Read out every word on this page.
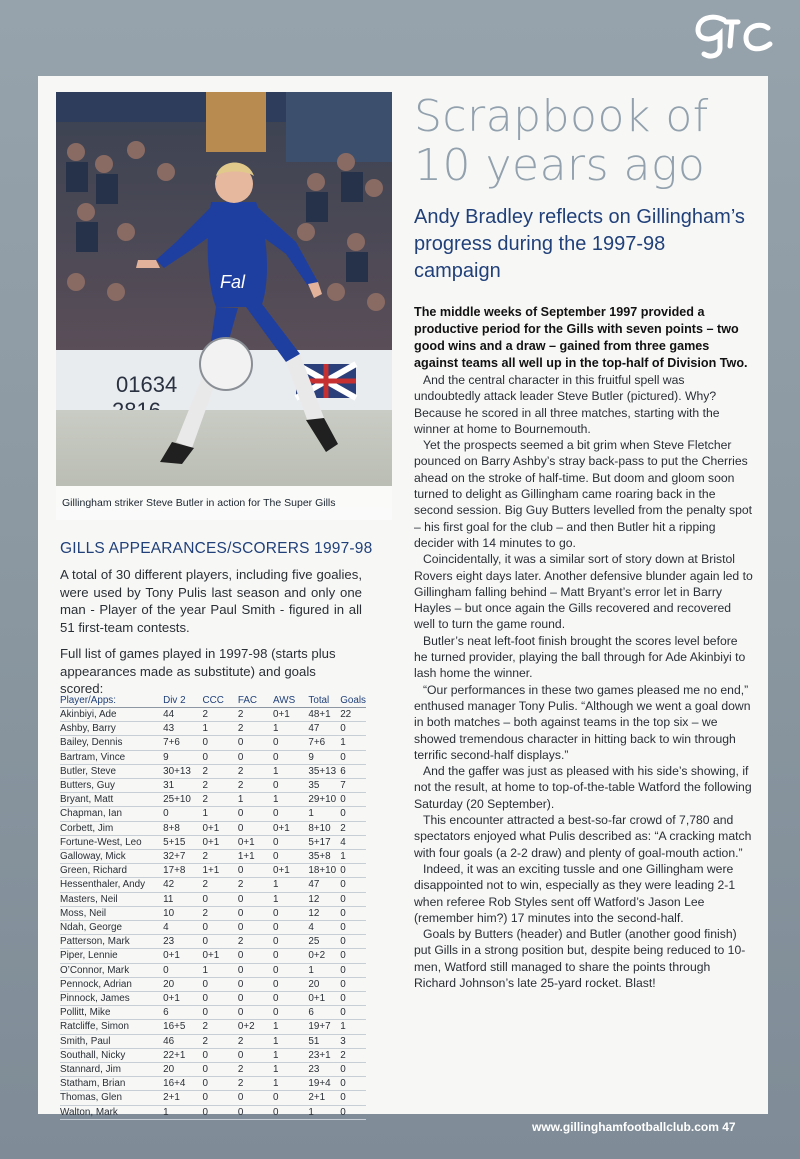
01634
Fal
Gillingham striker Steve Butler in action for The Super Gills
Scrapbook of
10 years ago
Andy Bradley reflects on Gillingham’s progress during the 1997-98 campaign

The middle weeks of September 1997 provided a productive period for the Gills with seven points – two good wins and a draw – gained from three games against teams all well up in the top-half of Division Two.

And the central character in this fruitful spell was undoubtedly attack leader Steve Butler (pictured). Why? Because he scored in all three matches, starting with the winner at home to Bournemouth.

Yet the prospects seemed a bit grim when Steve Fletcher pounced on Barry Ashby’s stray back-pass to put the Cherries ahead on the stroke of half-time. But doom and gloom soon turned to delight as Gillingham came roaring back in the second session. Big Guy Butters levelled from the penalty spot – his first goal for the club – and then Butler hit a ripping decider with 14 minutes to go.

Coincidentally, it was a similar sort of story down at Bristol Rovers eight days later. Another defensive blunder again led to Gillingham falling behind – Matt Bryant’s error let in Barry Hayles – but once again the Gills recovered and recovered well to turn the game round.

Butler’s neat left-foot finish brought the scores level before he turned provider, playing the ball through for Ade Akinbiyi to lash home the winner.

“Our performances in these two games pleased me no end,” enthused manager Tony Pulis. “Although we went a goal down in both matches – both against teams in the top six – we showed tremendous character in hitting back to win through terrific second-half displays.”

And the gaffer was just as pleased with his side’s showing, if not the result, at home to top-of-the-table Watford the following Saturday (20 September).

This encounter attracted a best-so-far crowd of 7,780 and spectators enjoyed what Pulis described as: “A cracking match with four goals (a 2-2 draw) and plenty of goal-mouth action.”

Indeed, it was an exciting tussle and one Gillingham were disappointed not to win, especially as they were leading 2-1 when referee Rob Styles sent off Watford’s Jason Lee (remember him?) 17 minutes into the second-half.

Goals by Butters (header) and Butler (another good finish) put Gills in a strong position but, despite being reduced to 10-men, Watford still managed to share the points through Richard Johnson’s late 25-yard rocket. Blast!

GILLS APPEARANCES/SCORERS 1997-98
A total of 30 different players, including five goalies, were used by Tony Pulis last season and only one man - Player of the year Paul Smith - figured in all 51 first-team contests.
Full list of games played in 1997-98 (starts plus appearances made as substitute) and goals scored:
Player/Apps:	Div 2	CCC	FAC	AWS	Total	Goals
Akinbiyi, Ade	44	2	2	0+1	48+1	22
Ashby, Barry	43	1	2	1	47	0
Bailey, Dennis	7+6	0	0	0	7+6	1
Bartram, Vince	9	0	0	0	9	0
Butler, Steve	30+13	2	2	1	35+13	6
Butters, Guy	31	2	2	0	35	7
Bryant, Matt	25+10	2	1	1	29+10	0
Chapman, Ian	0	1	0	0	1	0
Corbett, Jim	8+8	0+1	0	0+1	8+10	2
Fortune-West, Leo	5+15	0+1	0+1	0	5+17	4
Galloway, Mick	32+7	2	1+1	0	35+8	1
Green, Richard	17+8	1+1	0	0+1	18+10	0
Hessenthaler, Andy	42	2	2	1	47	0
Masters, Neil	11	0	0	1	12	0
Moss, Neil	10	2	0	0	12	0
Ndah, George	4	0	0	0	4	0
Patterson, Mark	23	0	2	0	25	0
Piper, Lennie	0+1	0+1	0	0	0+2	0
O’Connor, Mark	0	1	0	0	1	0
Pennock, Adrian	20	0	0	0	20	0
Pinnock, James	0+1	0	0	0	0+1	0
Pollitt, Mike	6	0	0	0	6	0
Ratcliffe, Simon	16+5	2	0+2	1	19+7	1
Smith, Paul	46	2	2	1	51	3
Southall, Nicky	22+1	0	0	1	23+1	2
Stannard, Jim	20	0	2	1	23	0
Statham, Brian	16+4	0	2	1	19+4	0
Thomas, Glen	2+1	0	0	0	2+1	0
Walton, Mark	1	0	0	0	1	0
www.gillinghamfootballclub.com 47
